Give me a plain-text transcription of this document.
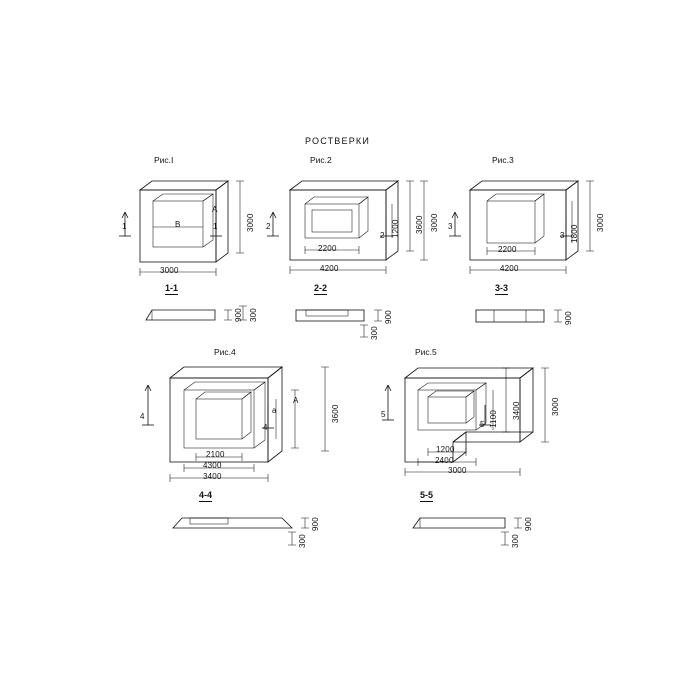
РОСТВЕРКИ
Рис.І
A
B
3000
3000
1	1
1-1
900 300
Рис.2
1200
2200
4200
3600 3000
2
2
2-2
900
300
Рис.3
1800
2200
4200
3000
3
3
3-3
900
Рис.4
A
a
2100
4300
3400
3600
4
4
4-4
900
300
Рис.5
1100 3400	3000
1200
2400
3000
5
5
5-5
900
300
